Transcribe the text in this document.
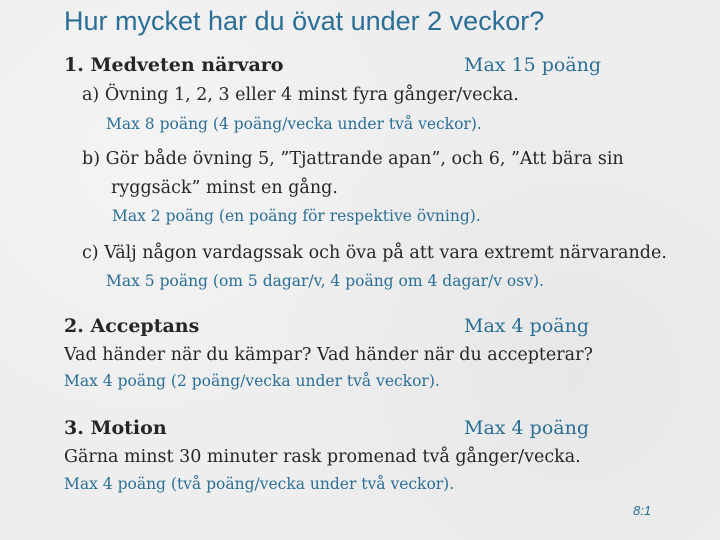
Hur mycket har du övat under 2 veckor?
1. Medveten närvaro	Max 15 poäng
a) Övning 1, 2, 3 eller 4 minst fyra gånger/vecka.
Max 8 poäng (4 poäng/vecka under två veckor).
b) Gör både övning 5, ”Tjattrande apan”, och 6, ”Att bära sin
ryggsäck” minst en gång.
Max 2 poäng (en poäng för respektive övning).
c) Välj någon vardagssak och öva på att vara extremt närvarande.
Max 5 poäng (om 5 dagar/v, 4 poäng om 4 dagar/v osv).
2. Acceptans	Max 4 poäng
Vad händer när du kämpar? Vad händer när du accepterar?
Max 4 poäng (2 poäng/vecka under två veckor).
3. Motion	Max 4 poäng
Gärna minst 30 minuter rask promenad två gånger/vecka.
Max 4 poäng (två poäng/vecka under två veckor).
8:1
